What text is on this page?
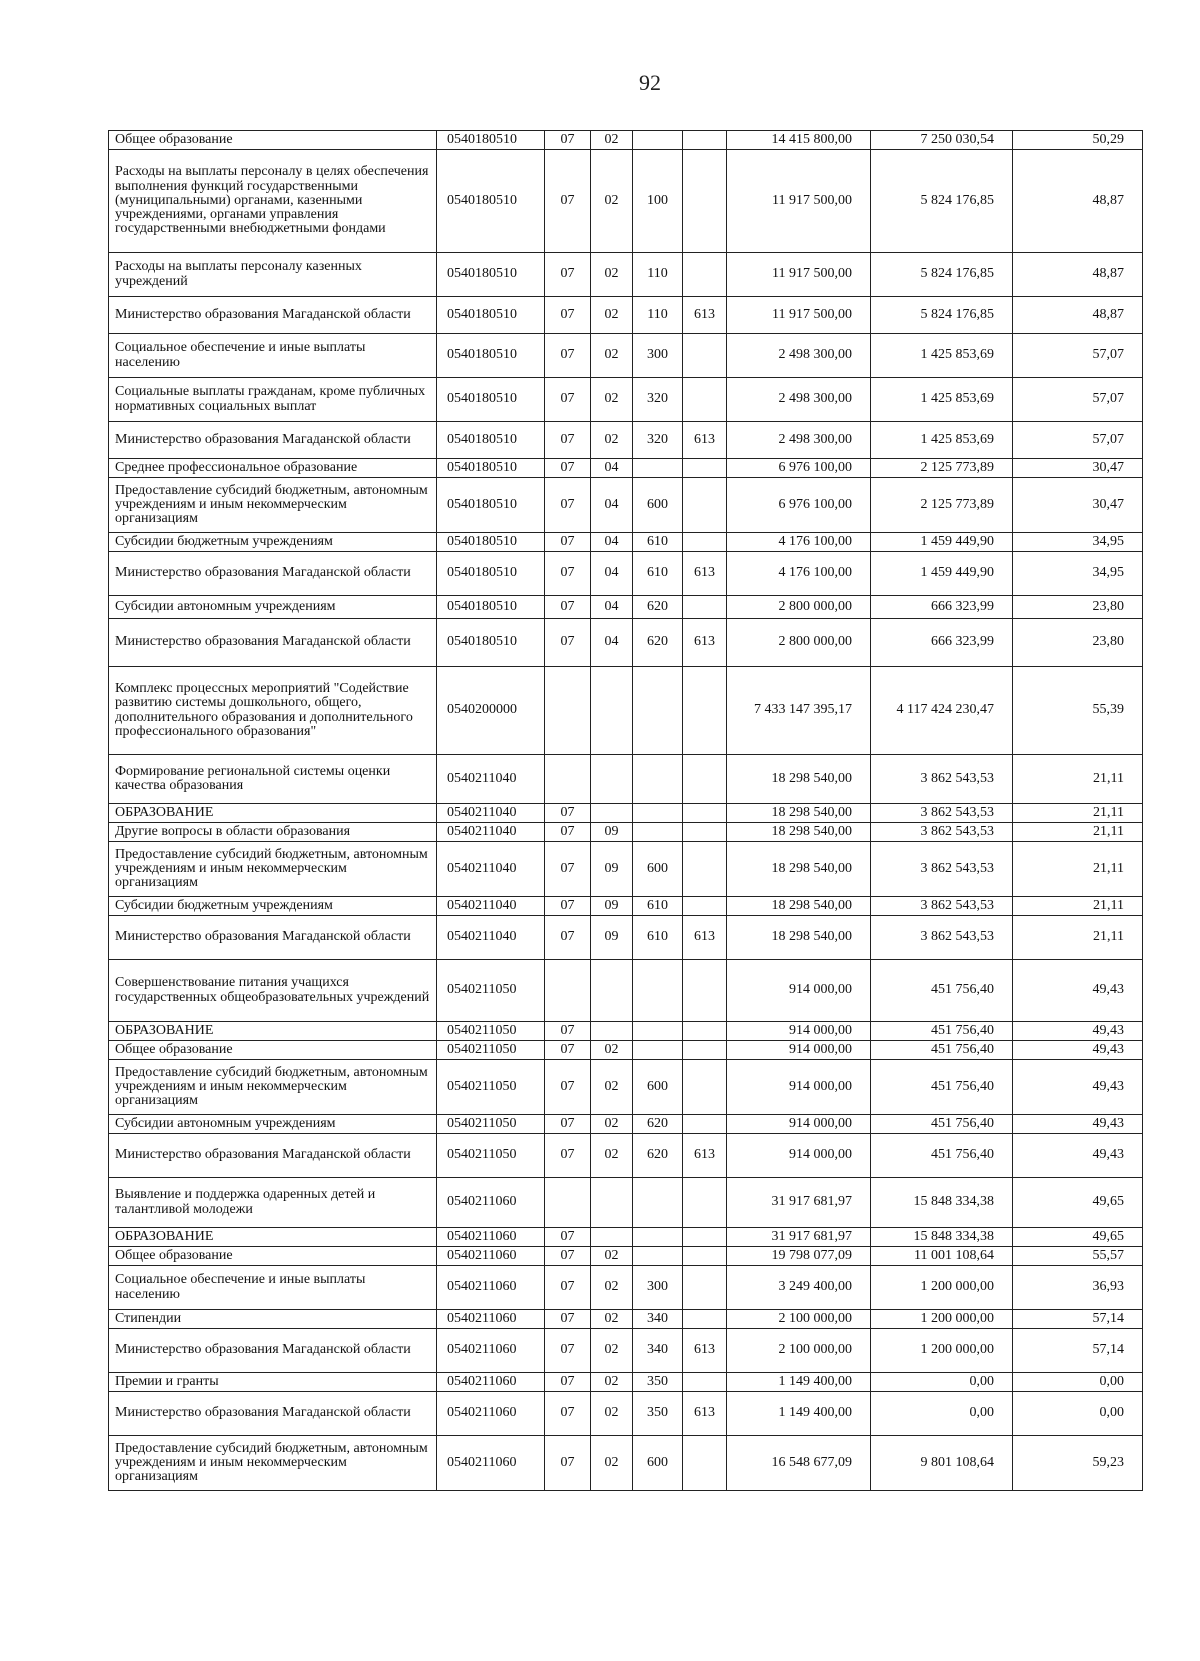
92
Общее образование	0540180510	07	02			14 415 800,00	7 250 030,54	50,29
Расходы на выплаты персоналу в целях обеспечения выполнения функций государственными (муниципальными) органами, казенными учреждениями, органами управления государственными внебюджетными фондами	0540180510	07	02	100		11 917 500,00	5 824 176,85	48,87
Расходы на выплаты персоналу казенных учреждений	0540180510	07	02	110		11 917 500,00	5 824 176,85	48,87
Министерство образования Магаданской области	0540180510	07	02	110	613	11 917 500,00	5 824 176,85	48,87
Социальное обеспечение и иные выплаты населению	0540180510	07	02	300		2 498 300,00	1 425 853,69	57,07
Социальные выплаты гражданам, кроме публичных нормативных социальных выплат	0540180510	07	02	320		2 498 300,00	1 425 853,69	57,07
Министерство образования Магаданской области	0540180510	07	02	320	613	2 498 300,00	1 425 853,69	57,07
Среднее профессиональное образование	0540180510	07	04			6 976 100,00	2 125 773,89	30,47
Предоставление субсидий бюджетным, автономным учреждениям и иным некоммерческим организациям	0540180510	07	04	600		6 976 100,00	2 125 773,89	30,47
Субсидии бюджетным учреждениям	0540180510	07	04	610		4 176 100,00	1 459 449,90	34,95
Министерство образования Магаданской области	0540180510	07	04	610	613	4 176 100,00	1 459 449,90	34,95
Субсидии автономным учреждениям	0540180510	07	04	620		2 800 000,00	666 323,99	23,80
Министерство образования Магаданской области	0540180510	07	04	620	613	2 800 000,00	666 323,99	23,80
Комплекс процессных мероприятий "Содействие развитию системы дошкольного, общего, дополнительного образования и дополнительного профессионального образования"	0540200000					7 433 147 395,17	4 117 424 230,47	55,39
Формирование региональной системы оценки качества образования	0540211040					18 298 540,00	3 862 543,53	21,11
ОБРАЗОВАНИЕ	0540211040	07				18 298 540,00	3 862 543,53	21,11
Другие вопросы в области образования	0540211040	07	09			18 298 540,00	3 862 543,53	21,11
Предоставление субсидий бюджетным, автономным учреждениям и иным некоммерческим организациям	0540211040	07	09	600		18 298 540,00	3 862 543,53	21,11
Субсидии бюджетным учреждениям	0540211040	07	09	610		18 298 540,00	3 862 543,53	21,11
Министерство образования Магаданской области	0540211040	07	09	610	613	18 298 540,00	3 862 543,53	21,11
Совершенствование питания учащихся государственных общеобразовательных учреждений	0540211050					914 000,00	451 756,40	49,43
ОБРАЗОВАНИЕ	0540211050	07				914 000,00	451 756,40	49,43
Общее образование	0540211050	07	02			914 000,00	451 756,40	49,43
Предоставление субсидий бюджетным, автономным учреждениям и иным некоммерческим организациям	0540211050	07	02	600		914 000,00	451 756,40	49,43
Субсидии автономным учреждениям	0540211050	07	02	620		914 000,00	451 756,40	49,43
Министерство образования Магаданской области	0540211050	07	02	620	613	914 000,00	451 756,40	49,43
Выявление и поддержка одаренных детей и талантливой молодежи	0540211060					31 917 681,97	15 848 334,38	49,65
ОБРАЗОВАНИЕ	0540211060	07				31 917 681,97	15 848 334,38	49,65
Общее образование	0540211060	07	02			19 798 077,09	11 001 108,64	55,57
Социальное обеспечение и иные выплаты населению	0540211060	07	02	300		3 249 400,00	1 200 000,00	36,93
Стипендии	0540211060	07	02	340		2 100 000,00	1 200 000,00	57,14
Министерство образования Магаданской области	0540211060	07	02	340	613	2 100 000,00	1 200 000,00	57,14
Премии и гранты	0540211060	07	02	350		1 149 400,00	0,00	0,00
Министерство образования Магаданской области	0540211060	07	02	350	613	1 149 400,00	0,00	0,00
Предоставление субсидий бюджетным, автономным учреждениям и иным некоммерческим организациям	0540211060	07	02	600		16 548 677,09	9 801 108,64	59,23
